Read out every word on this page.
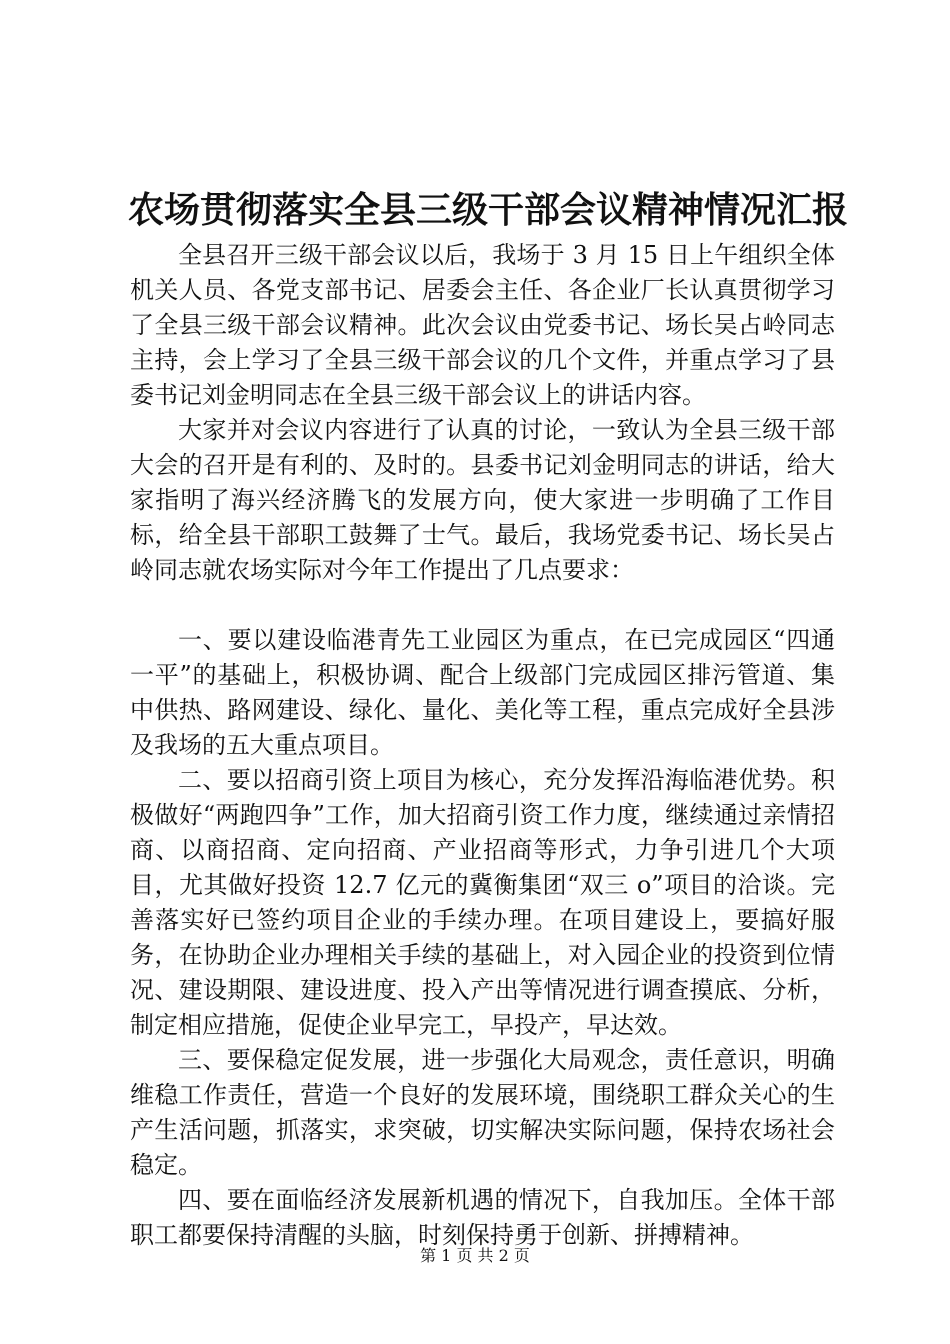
农场贯彻落实全县三级干部会议精神情况汇报

全县召开三级干部会议以后，我场于 3 月 15 日上午组织全体机关人员、各党支部书记、居委会主任、各企业厂长认真贯彻学习了全县三级干部会议精神。此次会议由党委书记、场长吴占岭同志主持，会上学习了全县三级干部会议的几个文件，并重点学习了县委书记刘金明同志在全县三级干部会议上的讲话内容。

大家并对会议内容进行了认真的讨论，一致认为全县三级干部大会的召开是有利的、及时的。县委书记刘金明同志的讲话，给大家指明了海兴经济腾飞的发展方向，使大家进一步明确了工作目标，给全县干部职工鼓舞了士气。最后，我场党委书记、场长吴占岭同志就农场实际对今年工作提出了几点要求：

一、要以建设临港青先工业园区为重点，在已完成园区“四通一平”的基础上，积极协调、配合上级部门完成园区排污管道、集中供热、路网建设、绿化、量化、美化等工程，重点完成好全县涉及我场的五大重点项目。

二、要以招商引资上项目为核心，充分发挥沿海临港优势。积极做好“两跑四争”工作，加大招商引资工作力度，继续通过亲情招商、以商招商、定向招商、产业招商等形式，力争引进几个大项目，尤其做好投资 12.7 亿元的冀衡集团“双三 o”项目的洽谈。完善落实好已签约项目企业的手续办理。在项目建设上，要搞好服务，在协助企业办理相关手续的基础上，对入园企业的投资到位情况、建设期限、建设进度、投入产出等情况进行调查摸底、分析，制定相应措施，促使企业早完工，早投产，早达效。

三、要保稳定促发展，进一步强化大局观念，责任意识，明确维稳工作责任，营造一个良好的发展环境，围绕职工群众关心的生产生活问题，抓落实，求突破，切实解决实际问题，保持农场社会稳定。

四、要在面临经济发展新机遇的情况下，自我加压。全体干部职工都要保持清醒的头脑，时刻保持勇于创新、拼搏精神。

第 1 页 共 2 页
